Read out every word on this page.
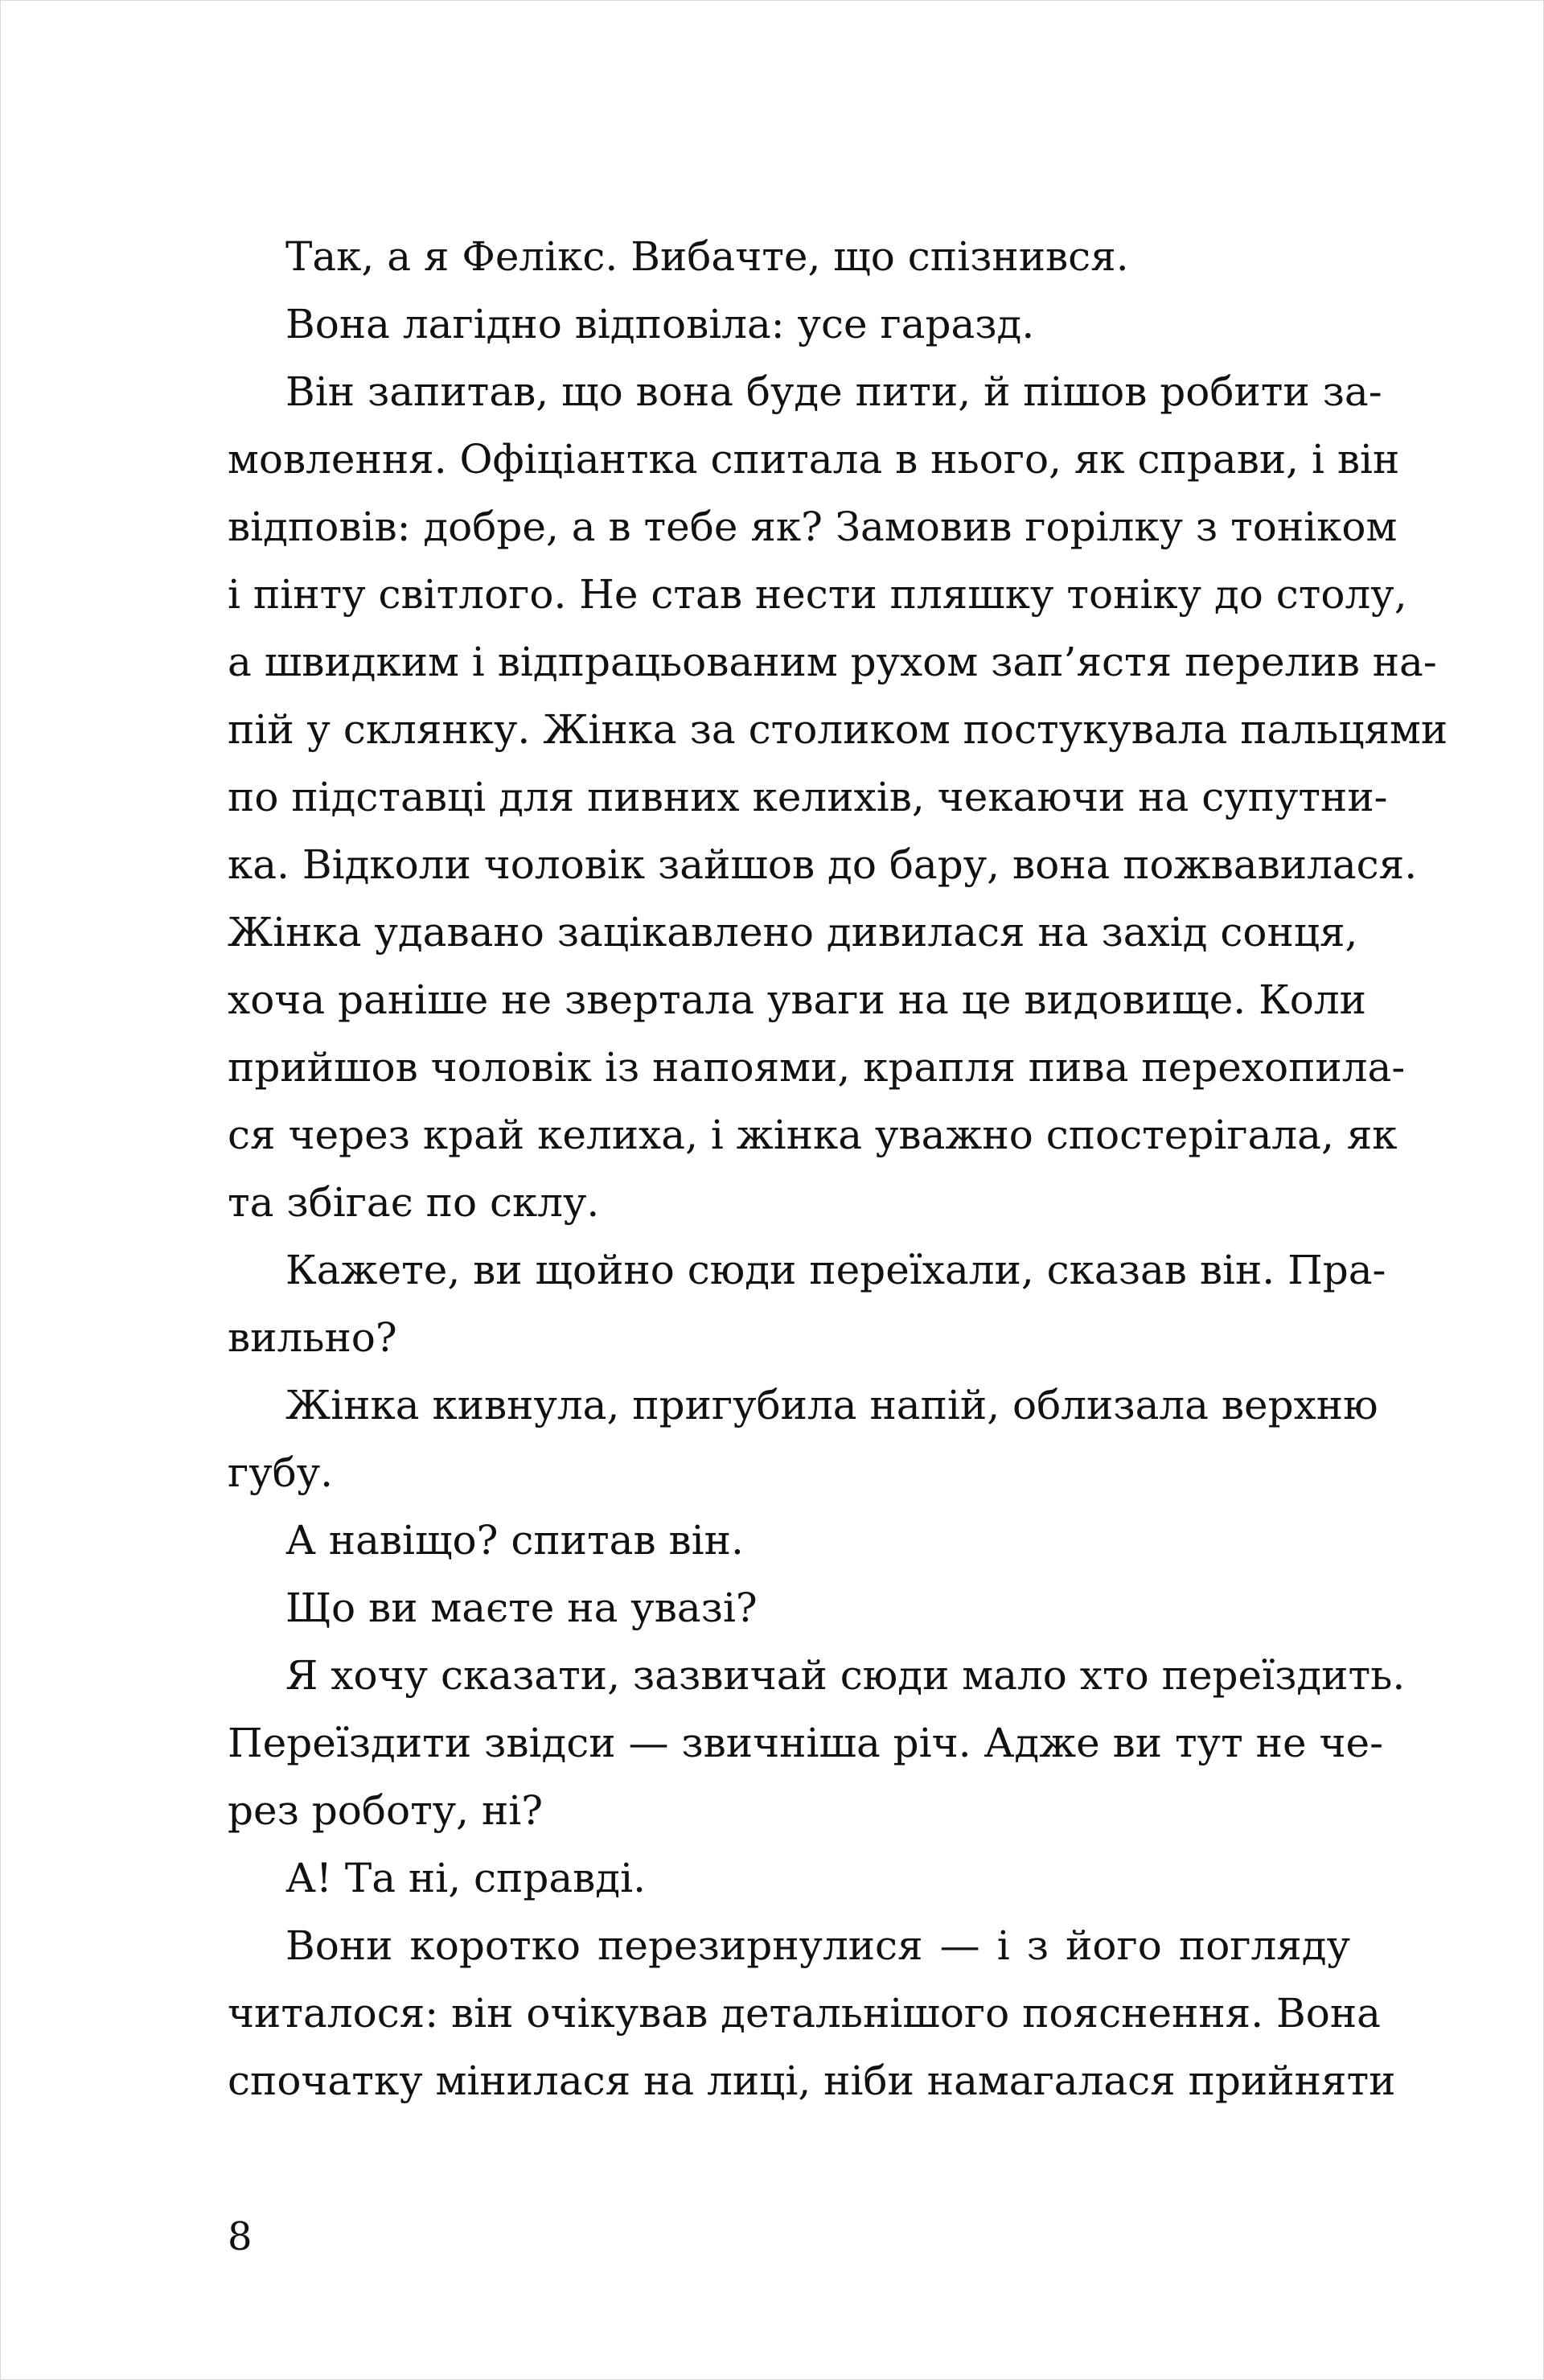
Так, а я Фелікс. Вибачте, що спізнився.
Вона лагідно відповіла: усе гаразд.
Він запитав, що вона буде пити, й пішов робити за-
мовлення. Офіціантка спитала в нього, як справи, і він
відповів: добре, а в тебе як? Замовив горілку з тоніком
і пінту світлого. Не став нести пляшку тоніку до столу,
а швидким і відпрацьованим рухом зап’ястя перелив на-
пій у склянку. Жінка за столиком постукувала пальцями
по підставці для пивних келихів, чекаючи на супутни-
ка. Відколи чоловік зайшов до бару, вона пожвавилася.
Жінка удавано зацікавлено дивилася на захід сонця,
хоча раніше не звертала уваги на це видовище. Коли
прийшов чоловік із напоями, крапля пива перехопила-
ся через край келиха, і жінка уважно спостерігала, як
та збігає по склу.
Кажете, ви щойно сюди переїхали, сказав він. Пра-
вильно?
Жінка кивнула, пригубила напій, облизала верхню
губу.
А навіщо? спитав він.
Що ви маєте на увазі?
Я хочу сказати, зазвичай сюди мало хто переїздить.
Переїздити звідси — звичніша річ. Адже ви тут не че-
рез роботу, ні?
А! Та ні, справді.
Вони коротко перезирнулися — і з його погляду
читалося: він очікував детальнішого пояснення. Вона
спочатку мінилася на лиці, ніби намагалася прийняти
8
